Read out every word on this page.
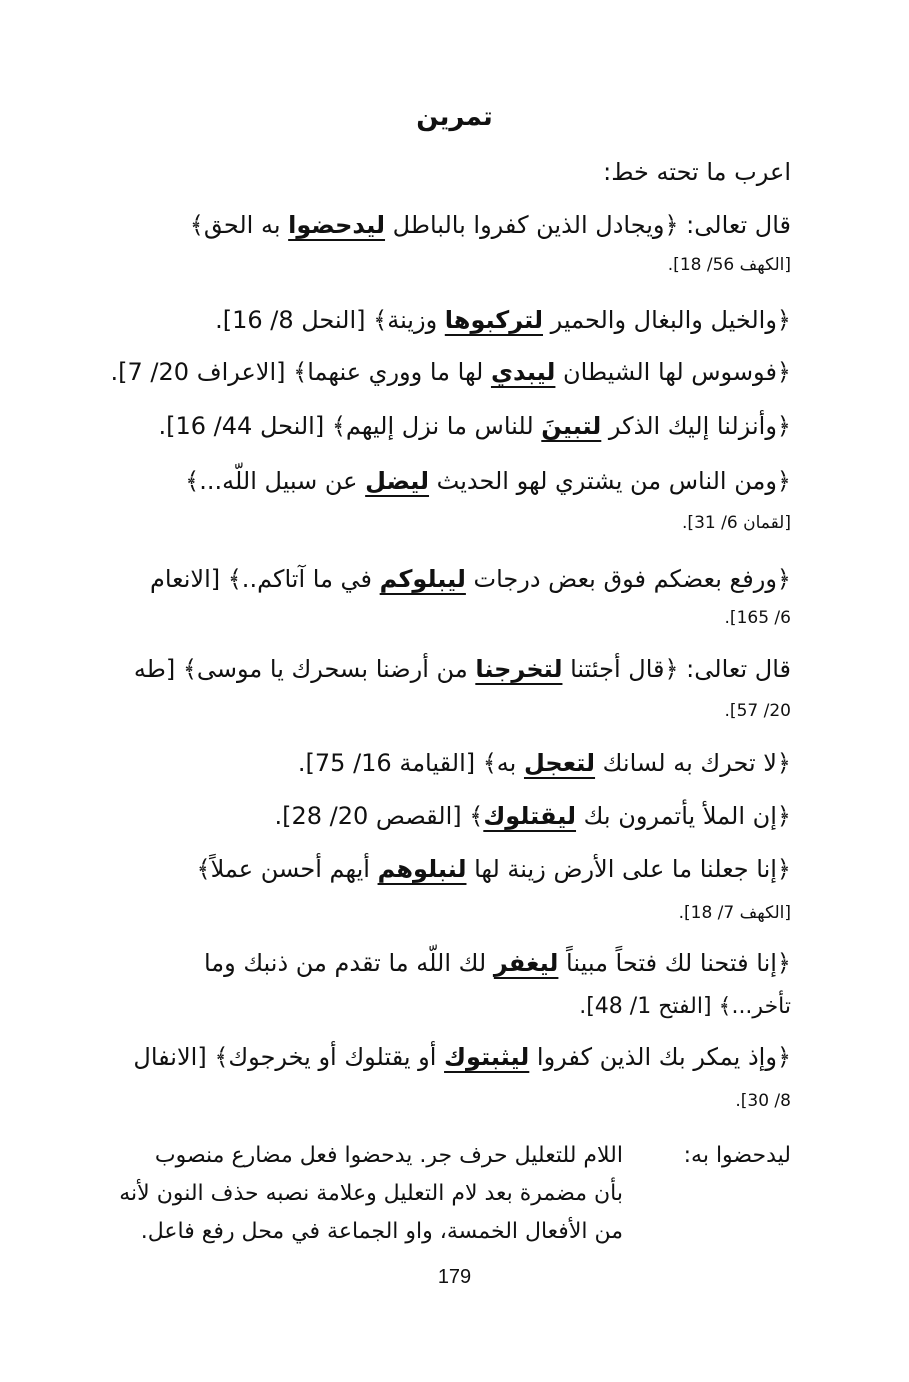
تمرين
اعرب ما تحته خط:
قال تعالى: ﴿ويجادل الذين كفروا بالباطل ليدحضوا به الحق﴾
[الكهف 56/ 18].
﴿والخيل والبغال والحمير لتركبوها وزينة﴾ [النحل 8/ 16].
﴿فوسوس لها الشيطان ليبدي لها ما ووري عنهما﴾ [الاعراف 20/ 7].
﴿وأنزلنا إليك الذكر لتبينَ للناس ما نزل إليهم﴾ [النحل 44/ 16].
﴿ومن الناس من يشتري لهو الحديث ليضل عن سبيل اللّه...﴾
[لقمان 6/ 31].
﴿ورفع بعضكم فوق بعض درجات ليبلوكم في ما آتاكم..﴾ [الانعام
6/ 165].
قال تعالى: ﴿قال أجئتنا لتخرجنا من أرضنا بسحرك يا موسى﴾ [طه
20/ 57].
﴿لا تحرك به لسانك لتعجل به﴾ [القيامة 16/ 75].
﴿إن الملأ يأتمرون بك ليقتلوك﴾ [القصص 20/ 28].
﴿إنا جعلنا ما على الأرض زينة لها لنبلوهم أيهم أحسن عملاً﴾
[الكهف 7/ 18].
﴿إنا فتحنا لك فتحاً مبيناً ليغفر لك اللّه ما تقدم من ذنبك وما
تأخر...﴾ [الفتح 1/ 48].
﴿وإذ يمكر بك الذين كفروا ليثبتوك أو يقتلوك أو يخرجوك﴾ [الانفال
8/ 30].
ليدحضوا به:
اللام للتعليل حرف جر. يدحضوا فعل مضارع منصوب
بأن مضمرة بعد لام التعليل وعلامة نصبه حذف النون لأنه
من الأفعال الخمسة، واو الجماعة في محل رفع فاعل.
179
